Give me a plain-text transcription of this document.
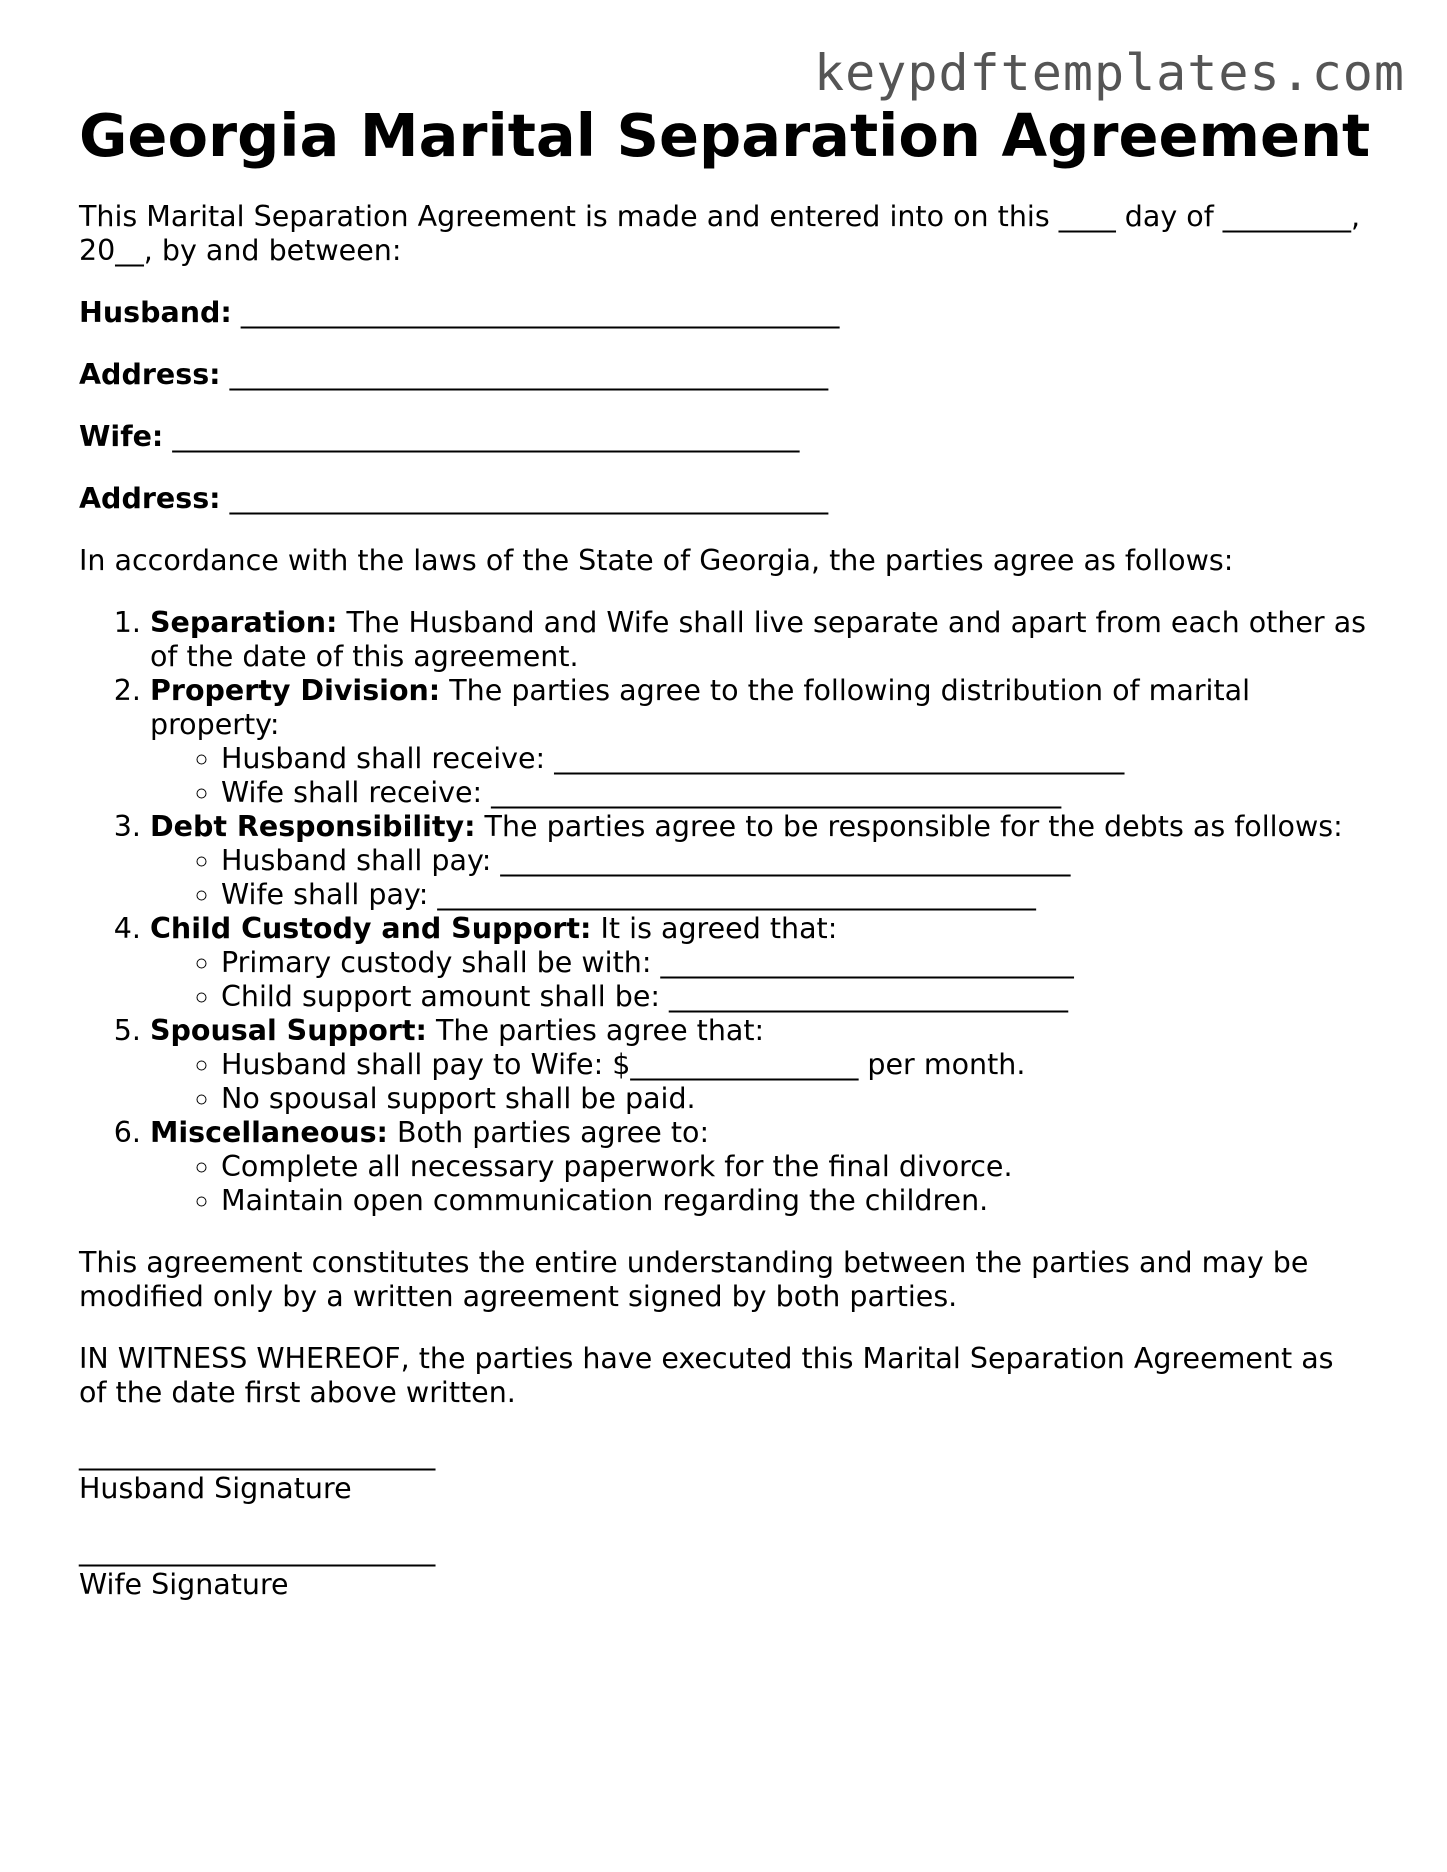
keypdftemplates.com
Georgia Marital Separation Agreement

This Marital Separation Agreement is made and entered into on this ____ day of _________, 20__, by and between:

Husband: __________________________________________

Address: __________________________________________

Wife: ____________________________________________

Address: __________________________________________

In accordance with the laws of the State of Georgia, the parties agree as follows:

1. Separation: The Husband and Wife shall live separate and apart from each other as of the date of this agreement.
2. Property Division: The parties agree to the following distribution of marital property:
◦ Husband shall receive: ________________________________________
◦ Wife shall receive: ________________________________________
3. Debt Responsibility: The parties agree to be responsible for the debts as follows:
◦ Husband shall pay: ________________________________________
◦ Wife shall pay: __________________________________________
4. Child Custody and Support: It is agreed that:
◦ Primary custody shall be with: _____________________________
◦ Child support amount shall be: ____________________________
5. Spousal Support: The parties agree that:
◦ Husband shall pay to Wife: $________________ per month.
◦ No spousal support shall be paid.
6. Miscellaneous: Both parties agree to:
◦ Complete all necessary paperwork for the final divorce.
◦ Maintain open communication regarding the children.

This agreement constitutes the entire understanding between the parties and may be modified only by a written agreement signed by both parties.

IN WITNESS WHEREOF, the parties have executed this Marital Separation Agreement as of the date first above written.

_________________________
Husband Signature
_________________________
Wife Signature
